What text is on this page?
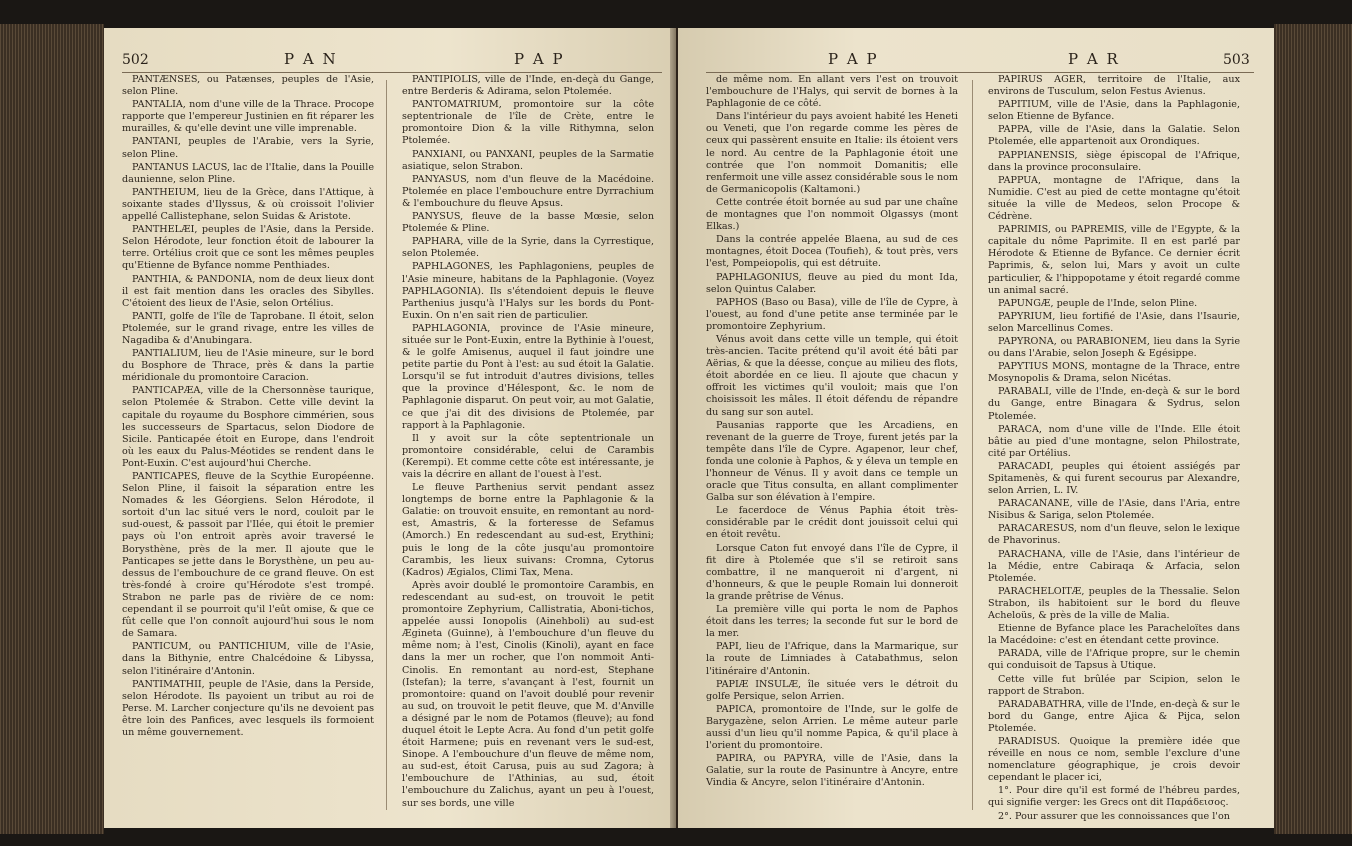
502	P A N	P A P

PANTÆNSES, ou Patænses, peuples de l'Asie, selon Pline.

PANTALIA, nom d'une ville de la Thrace. Procope rapporte que l'empereur Justinien en fit réparer les murailles, & qu'elle devint une ville imprenable.

PANTANI, peuples de l'Arabie, vers la Syrie, selon Pline.

PANTANUS LACUS, lac de l'Italie, dans la Pouille daunienne, selon Pline.

PANTHEIUM, lieu de la Grèce, dans l'Attique, à soixante stades d'Ilyssus, & où croissoit l'olivier appellé Callistephane, selon Suidas & Aristote.

PANTHELÆI, peuples de l'Asie, dans la Perside. Selon Hérodote, leur fonction étoit de labourer la terre. Ortélius croit que ce sont les mêmes peuples qu'Etienne de Byfance nomme Penthiades.

PANTHIA, & PANDONIA, nom de deux lieux dont il est fait mention dans les oracles des Sibylles. C'étoient des lieux de l'Asie, selon Ortélius.

PANTI, golfe de l'île de Taprobane. Il étoit, selon Ptolemée, sur le grand rivage, entre les villes de Nagadiba & d'Anubingara.

PANTIALIUM, lieu de l'Asie mineure, sur le bord du Bosphore de Thrace, près & dans la partie méridionale du promontoire Caracion.

PANTICAPÆA, ville de la Chersonnèse taurique, selon Ptolemée & Strabon. Cette ville devint la capitale du royaume du Bosphore cimmérien, sous les successeurs de Spartacus, selon Diodore de Sicile. Panticapée étoit en Europe, dans l'endroit où les eaux du Palus-Méotides se rendent dans le Pont-Euxin. C'est aujourd'hui Cherche.

PANTICAPES, fleuve de la Scythie Européenne. Selon Pline, il faisoit la séparation entre les Nomades & les Géorgiens. Selon Hérodote, il sortoit d'un lac situé vers le nord, couloit par le sud-ouest, & passoit par l'Ilée, qui étoit le premier pays où l'on entroit après avoir traversé le Borysthène, près de la mer. Il ajoute que le Panticapes se jette dans le Borysthène, un peu au-dessus de l'embouchure de ce grand fleuve. On est très-fondé à croire qu'Hérodote s'est trompé. Strabon ne parle pas de rivière de ce nom: cependant il se pourroit qu'il l'eût omise, & que ce fût celle que l'on connoît aujourd'hui sous le nom de Samara.

PANTICUM, ou PANTICHIUM, ville de l'Asie, dans la Bithynie, entre Chalcédoine & Libyssa, selon l'itinéraire d'Antonin.

PANTIMATHII, peuple de l'Asie, dans la Perside, selon Hérodote. Ils payoient un tribut au roi de Perse. M. Larcher conjecture qu'ils ne devoient pas être loin des Panfices, avec lesquels ils formoient un même gouvernement.

PANTIPIOLIS, ville de l'Inde, en-deçà du Gange, entre Berderis & Adirama, selon Ptolemée.

PANTOMATRIUM, promontoire sur la côte septentrionale de l'île de Crète, entre le promontoire Dion & la ville Rithymna, selon Ptolemée.

PANXIANI, ou PANXANI, peuples de la Sarmatie asiatique, selon Strabon.

PANYASUS, nom d'un fleuve de la Macédoine. Ptolemée en place l'embouchure entre Dyrrachium & l'embouchure du fleuve Apsus.

PANYSUS, fleuve de la basse Mœsie, selon Ptolemée & Pline.

PAPHARA, ville de la Syrie, dans la Cyrrestique, selon Ptolemée.

PAPHLAGONES, les Paphlagoniens, peuples de l'Asie mineure, habitans de la Paphlagonie. (Voyez PAPHLAGONIA). Ils s'étendoient depuis le fleuve Parthenius jusqu'à l'Halys sur les bords du Pont-Euxin. On n'en sait rien de particulier.

PAPHLAGONIA, province de l'Asie mineure, située sur le Pont-Euxin, entre la Bythinie à l'ouest, & le golfe Amisenus, auquel il faut joindre une petite partie du Pont à l'est: au sud étoit la Galatie. Lorsqu'il se fut introduit d'autres divisions, telles que la province d'Hélespont, &c. le nom de Paphlagonie disparut. On peut voir, au mot Galatie, ce que j'ai dit des divisions de Ptolemée, par rapport à la Paphlagonie.

Il y avoit sur la côte septentrionale un promontoire considérable, celui de Carambis (Kerempi). Et comme cette côte est intéressante, je vais la décrire en allant de l'ouest à l'est.

Le fleuve Parthenius servit pendant assez longtemps de borne entre la Paphlagonie & la Galatie: on trouvoit ensuite, en remontant au nord-est, Amastris, & la forteresse de Sefamus (Amorch.) En redescendant au sud-est, Erythini; puis le long de la côte jusqu'au promontoire Carambis, les lieux suivans: Cromna, Cytorus (Kadros) Ægialos, Climi Tax, Mena.

Après avoir doublé le promontoire Carambis, en redescendant au sud-est, on trouvoit le petit promontoire Zephyrium, Callistratia, Aboni-tichos, appelée aussi Ionopolis (Ainehboli) au sud-est Ægineta (Guinne), à l'embouchure d'un fleuve du même nom; à l'est, Cinolis (Kinoli), ayant en face dans la mer un rocher, que l'on nommoit Anti-Cinolis. En remontant au nord-est, Stephane (Istefan); la terre, s'avançant à l'est, fournit un promontoire: quand on l'avoit doublé pour revenir au sud, on trouvoit le petit fleuve, que M. d'Anville a désigné par le nom de Potamos (fleuve); au fond duquel étoit le Lepte Acra. Au fond d'un petit golfe étoit Harmene; puis en revenant vers le sud-est, Sinope. A l'embouchure d'un fleuve de même nom, au sud-est, étoit Carusa, puis au sud Zagora; à l'embouchure de l'Athinias, au sud, étoit l'embouchure du Zalichus, ayant un peu à l'ouest, sur ses bords, une ville

P A P	P A R	503

de même nom. En allant vers l'est on trouvoit l'embouchure de l'Halys, qui servit de bornes à la Paphlagonie de ce côté.

Dans l'intérieur du pays avoient habité les Heneti ou Veneti, que l'on regarde comme les pères de ceux qui passèrent ensuite en Italie: ils étoient vers le nord. Au centre de la Paphlagonie étoit une contrée que l'on nommoit Domanitis; elle renfermoit une ville assez considérable sous le nom de Germanicopolis (Kaltamoni.)

Cette contrée étoit bornée au sud par une chaîne de montagnes que l'on nommoit Olgassys (mont Elkas.)

Dans la contrée appelée Blaena, au sud de ces montagnes, étoit Docea (Toufieh), & tout près, vers l'est, Pompeiopolis, qui est détruite.

PAPHLAGONIUS, fleuve au pied du mont Ida, selon Quintus Calaber.

PAPHOS (Baso ou Basa), ville de l'île de Cypre, à l'ouest, au fond d'une petite anse terminée par le promontoire Zephyrium.

Vénus avoit dans cette ville un temple, qui étoit très-ancien. Tacite prétend qu'il avoit été bâti par Aërias, & que la déesse, conçue au milieu des flots, étoit abordée en ce lieu. Il ajoute que chacun y offroit les victimes qu'il vouloit; mais que l'on choisissoit les mâles. Il étoit défendu de répandre du sang sur son autel.

Pausanias rapporte que les Arcadiens, en revenant de la guerre de Troye, furent jetés par la tempête dans l'île de Cypre. Agapenor, leur chef, fonda une colonie à Paphos, & y éleva un temple en l'honneur de Vénus. Il y avoit dans ce temple un oracle que Titus consulta, en allant complimenter Galba sur son élévation à l'empire.

Le facerdoce de Vénus Paphia étoit très-considérable par le crédit dont jouissoit celui qui en étoit revêtu.

Lorsque Caton fut envoyé dans l'île de Cypre, il fit dire à Ptolemée que s'il se retiroit sans combattre, il ne manqueroit ni d'argent, ni d'honneurs, & que le peuple Romain lui donneroit la grande prêtrise de Vénus.

La première ville qui porta le nom de Paphos étoit dans les terres; la seconde fut sur le bord de la mer.

PAPI, lieu de l'Afrique, dans la Marmarique, sur la route de Limniades à Catabathmus, selon l'itinéraire d'Antonin.

PAPIÆ INSULÆ, île située vers le détroit du golfe Persique, selon Arrien.

PAPICA, promontoire de l'Inde, sur le golfe de Barygazène, selon Arrien. Le même auteur parle aussi d'un lieu qu'il nomme Papica, & qu'il place à l'orient du promontoire.

PAPIRA, ou PAPYRA, ville de l'Asie, dans la Galatie, sur la route de Pasinuntre à Ancyre, entre Vindia & Ancyre, selon l'itinéraire d'Antonin.

PAPIRUS AGER, territoire de l'Italie, aux environs de Tusculum, selon Festus Avienus.

PAPITIUM, ville de l'Asie, dans la Paphlagonie, selon Etienne de Byfance.

PAPPA, ville de l'Asie, dans la Galatie. Selon Ptolemée, elle appartenoit aux Orondiques.

PAPPIANENSIS, siège épiscopal de l'Afrique, dans la province proconsulaire.

PAPPUA, montagne de l'Afrique, dans la Numidie. C'est au pied de cette montagne qu'étoit située la ville de Medeos, selon Procope & Cédrène.

PAPRIMIS, ou PAPREMIS, ville de l'Egypte, & la capitale du nôme Paprimite. Il en est parlé par Hérodote & Etienne de Byfance. Ce dernier écrit Paprimis, &, selon lui, Mars y avoit un culte particulier, & l'hippopotame y étoit regardé comme un animal sacré.

PAPUNGÆ, peuple de l'Inde, selon Pline.

PAPYRIUM, lieu fortifié de l'Asie, dans l'Isaurie, selon Marcellinus Comes.

PAPYRONA, ou PARABIONEM, lieu dans la Syrie ou dans l'Arabie, selon Joseph & Egésippe.

PAPYTIUS MONS, montagne de la Thrace, entre Mosynopolis & Drama, selon Nicétas.

PARABALI, ville de l'Inde, en-deçà & sur le bord du Gange, entre Binagara & Sydrus, selon Ptolemée.

PARACA, nom d'une ville de l'Inde. Elle étoit bâtie au pied d'une montagne, selon Philostrate, cité par Ortélius.

PARACADI, peuples qui étoient assiégés par Spitamenès, & qui furent secourus par Alexandre, selon Arrien, L. IV.

PARACANANE, ville de l'Asie, dans l'Aria, entre Nisibus & Sariga, selon Ptolemée.

PARACARESUS, nom d'un fleuve, selon le lexique de Phavorinus.

PARACHANA, ville de l'Asie, dans l'intérieur de la Médie, entre Cabiraqa & Arfacia, selon Ptolemée.

PARACHELOITÆ, peuples de la Thessalie. Selon Strabon, ils habitoient sur le bord du fleuve Acheloüs, & près de la ville de Malia.

Etienne de Byfance place les Paracheloïtes dans la Macédoine: c'est en étendant cette province.

PARADA, ville de l'Afrique propre, sur le chemin qui conduisoit de Tapsus à Utique.

Cette ville fut brûlée par Scipion, selon le rapport de Strabon.

PARADABATHRA, ville de l'Inde, en-deçà & sur le bord du Gange, entre Ajica & Pijca, selon Ptolemée.

PARADISUS. Quoique la première idée que réveille en nous ce nom, semble l'exclure d'une nomenclature géographique, je crois devoir cependant le placer ici,

1°. Pour dire qu'il est formé de l'hébreu pardes, qui signifie verger: les Grecs ont dit Παράδεισος.

2°. Pour assurer que les connoissances que l'on
